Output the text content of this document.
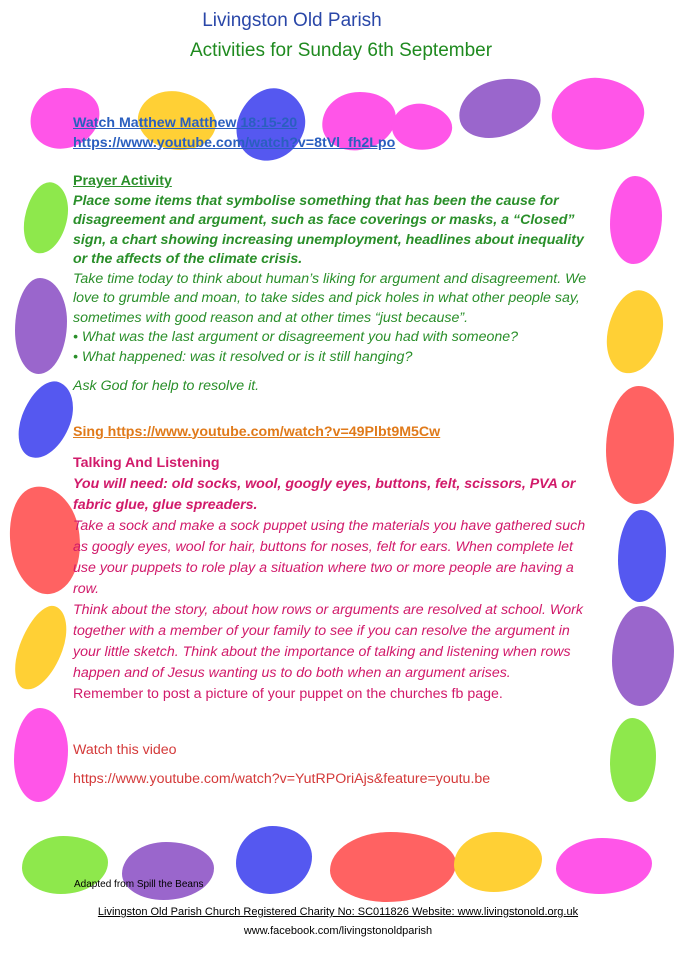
Livingston Old Parish
Activities for Sunday 6th September

Watch Matthew Matthew 18:15-20

https://www.youtube.com/watch?v=8tVl_fh2Lpo

Prayer Activity

Place some items that symbolise something that has been the cause for disagreement and argument, such as face coverings or masks, a “Closed” sign, a chart showing increasing unemployment, headlines about inequality or the affects of the climate crisis.

Take time today to think about human’s liking for argument and disagreement. We love to grumble and moan, to take sides and pick holes in what other people say, sometimes with good reason and at other times “just because”.

• What was the last argument or disagreement you had with someone?

• What happened: was it resolved or is it still hanging?

Ask God for help to resolve it.

Sing https://www.youtube.com/watch?v=49Plbt9M5Cw

Talking And Listening

You will need: old socks, wool, googly eyes, buttons, felt, scissors, PVA or fabric glue, glue spreaders.

Take a sock and make a sock puppet using the materials you have gathered such as googly eyes, wool for hair, buttons for noses, felt for ears. When complete let use your puppets to role play a situation where two or more people are having a row.

Think about the story, about how rows or arguments are resolved at school. Work together with a member of your family to see if you can resolve the argument in your little sketch. Think about the importance of talking and listening when rows happen and of Jesus wanting us to do both when an argument arises.

Remember to post a picture of your puppet on the churches fb page.

Watch this video

https://www.youtube.com/watch?v=YutRPOriAjs&feature=youtu.be

Adapted from Spill the Beans
Livingston Old Parish Church Registered Charity No: SC011826 Website: www.livingstonold.org.uk
www.facebook.com/livingstonoldparish
